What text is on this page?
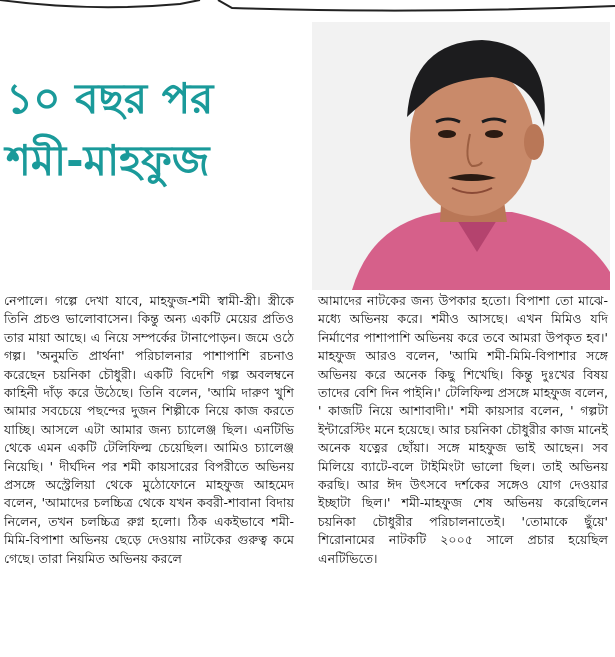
১০ বছর পর
শমী-মাহফুজ

নেপালে। গল্পে দেখা যাবে, মাহফুজ-শমী স্বামী-স্ত্রী। স্ত্রীকে তিনি প্রচণ্ড ভালোবাসেন। কিন্তু অন্য একটি মেয়ের প্রতিও তার মায়া আছে। এ নিয়ে সম্পর্কের টানাপোড়ন। জমে ওঠে গল্প। 'অনুমতি প্রার্থনা' পরিচালনার পাশাপাশি রচনাও করেছেন চয়নিকা চৌধুরী। একটি বিদেশি গল্প অবলম্বনে কাহিনী দাঁড় করে উঠেছে। তিনি বলেন, 'আমি দারুণ খুশি আমার সবচেয়ে পছন্দের দুজন শিল্পীকে নিয়ে কাজ করতে যাচ্ছি। আসলে এটা আমার জন্য চ্যালেঞ্জ ছিল। এনটিভি থেকে এমন একটি টেলিফিল্ম চেয়েছিল। আমিও চ্যালেঞ্জ নিয়েছি। ' দীর্ঘদিন পর শমী কায়সারের বিপরীতে অভিনয় প্রসঙ্গে অস্ট্রেলিয়া থেকে মুঠোফোনে মাহফুজ আহমেদ বলেন, 'আমাদের চলচ্চিত্র থেকে যখন কবরী-শাবানা বিদায় নিলেন, তখন চলচ্চিত্র রুগ্ন হলো। ঠিক একইভাবে শমী-মিমি-বিপাশা অভিনয় ছেড়ে দেওয়ায় নাটকের গুরুত্ব কমে গেছে। তারা নিয়মিত অভিনয় করলে

আমাদের নাটকের জন্য উপকার হতো। বিপাশা তো মাঝে-মধ্যে অভিনয় করে। শমীও আসছে। এখন মিমিও যদি নির্মাণের পাশাপাশি অভিনয় করে তবে আমরা উপকৃত হব।' মাহফুজ আরও বলেন, 'আমি শমী-মিমি-বিপাশার সঙ্গে অভিনয় করে অনেক কিছু শিখেছি। কিন্তু দুঃখের বিষয় তাদের বেশি দিন পাইনি।' টেলিফিল্ম প্রসঙ্গে মাহফুজ বলেন, ' কাজটি নিয়ে আশাবাদী।' শমী কায়সার বলেন, ' গল্পটা ইন্টারেস্টিং মনে হয়েছে। আর চয়নিকা চৌধুরীর কাজ মানেই অনেক যত্নের ছোঁয়া। সঙ্গে মাহফুজ ভাই আছেন। সব মিলিয়ে ব্যাটে-বলে টাইমিংটা ভালো ছিল। তাই অভিনয় করছি। আর ঈদ উৎসবে দর্শকের সঙ্গেও যোগ দেওয়ার ইচ্ছাটা ছিল।' শমী-মাহফুজ শেষ অভিনয় করেছিলেন চয়নিকা চৌধুরীর পরিচালনাতেই। 'তোমাকে ছুঁয়ে' শিরোনামের নাটকটি ২০০৫ সালে প্রচার হয়েছিল এনটিভিতে।
